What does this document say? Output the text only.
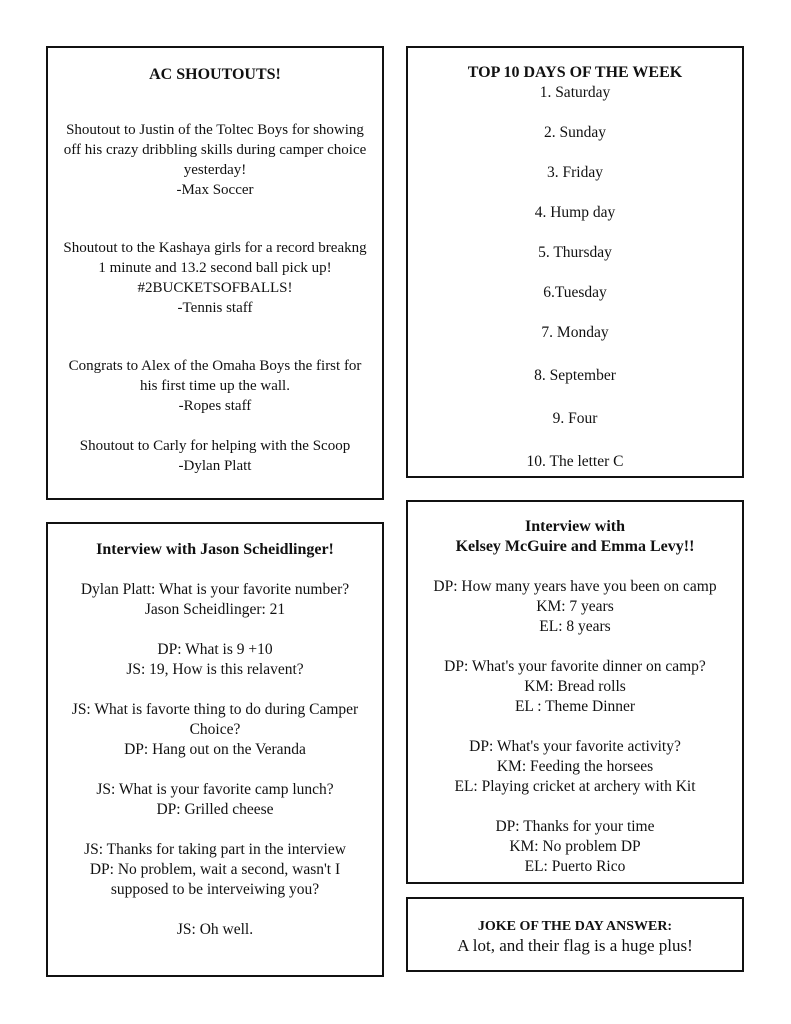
AC SHOUTOUTS!
Shoutout to Justin of the Toltec Boys for showing
off his crazy dribbling skills during camper choice
yesterday!
-Max Soccer
Shoutout to the Kashaya girls for a record breakng
1 minute and 13.2 second ball pick up!
#2BUCKETSOFBALLS!
-Tennis staff
Congrats to Alex of the Omaha Boys the first for
his first time up the wall.
-Ropes staff
Shoutout to Carly for helping with the Scoop
-Dylan Platt
TOP 10 DAYS OF THE WEEK
1. Saturday
2. Sunday
3. Friday
4. Hump day
5. Thursday
6.Tuesday
7. Monday
8. September
9. Four
10. The letter C
Interview with Jason Scheidlinger!
Dylan Platt: What is your favorite number?
Jason Scheidlinger: 21
DP: What is 9 +10
JS: 19, How is this relavent?
JS: What is favorte thing to do during Camper
Choice?
DP: Hang out on the Veranda
JS: What is your favorite camp lunch?
DP: Grilled cheese
JS: Thanks for taking part in the interview
DP: No problem, wait a second, wasn't I
supposed to be interveiwing you?
JS: Oh well.
Interview with
Kelsey McGuire and Emma Levy!!
DP: How many years have you been on camp
KM: 7 years
EL: 8 years
DP: What's your favorite dinner on camp?
KM: Bread rolls
EL : Theme Dinner
DP: What's your favorite activity?
KM: Feeding the horsees
EL: Playing cricket at archery with Kit
DP: Thanks for your time
KM: No problem DP
EL: Puerto Rico
JOKE OF THE DAY ANSWER:
A lot, and their flag is a huge plus!
